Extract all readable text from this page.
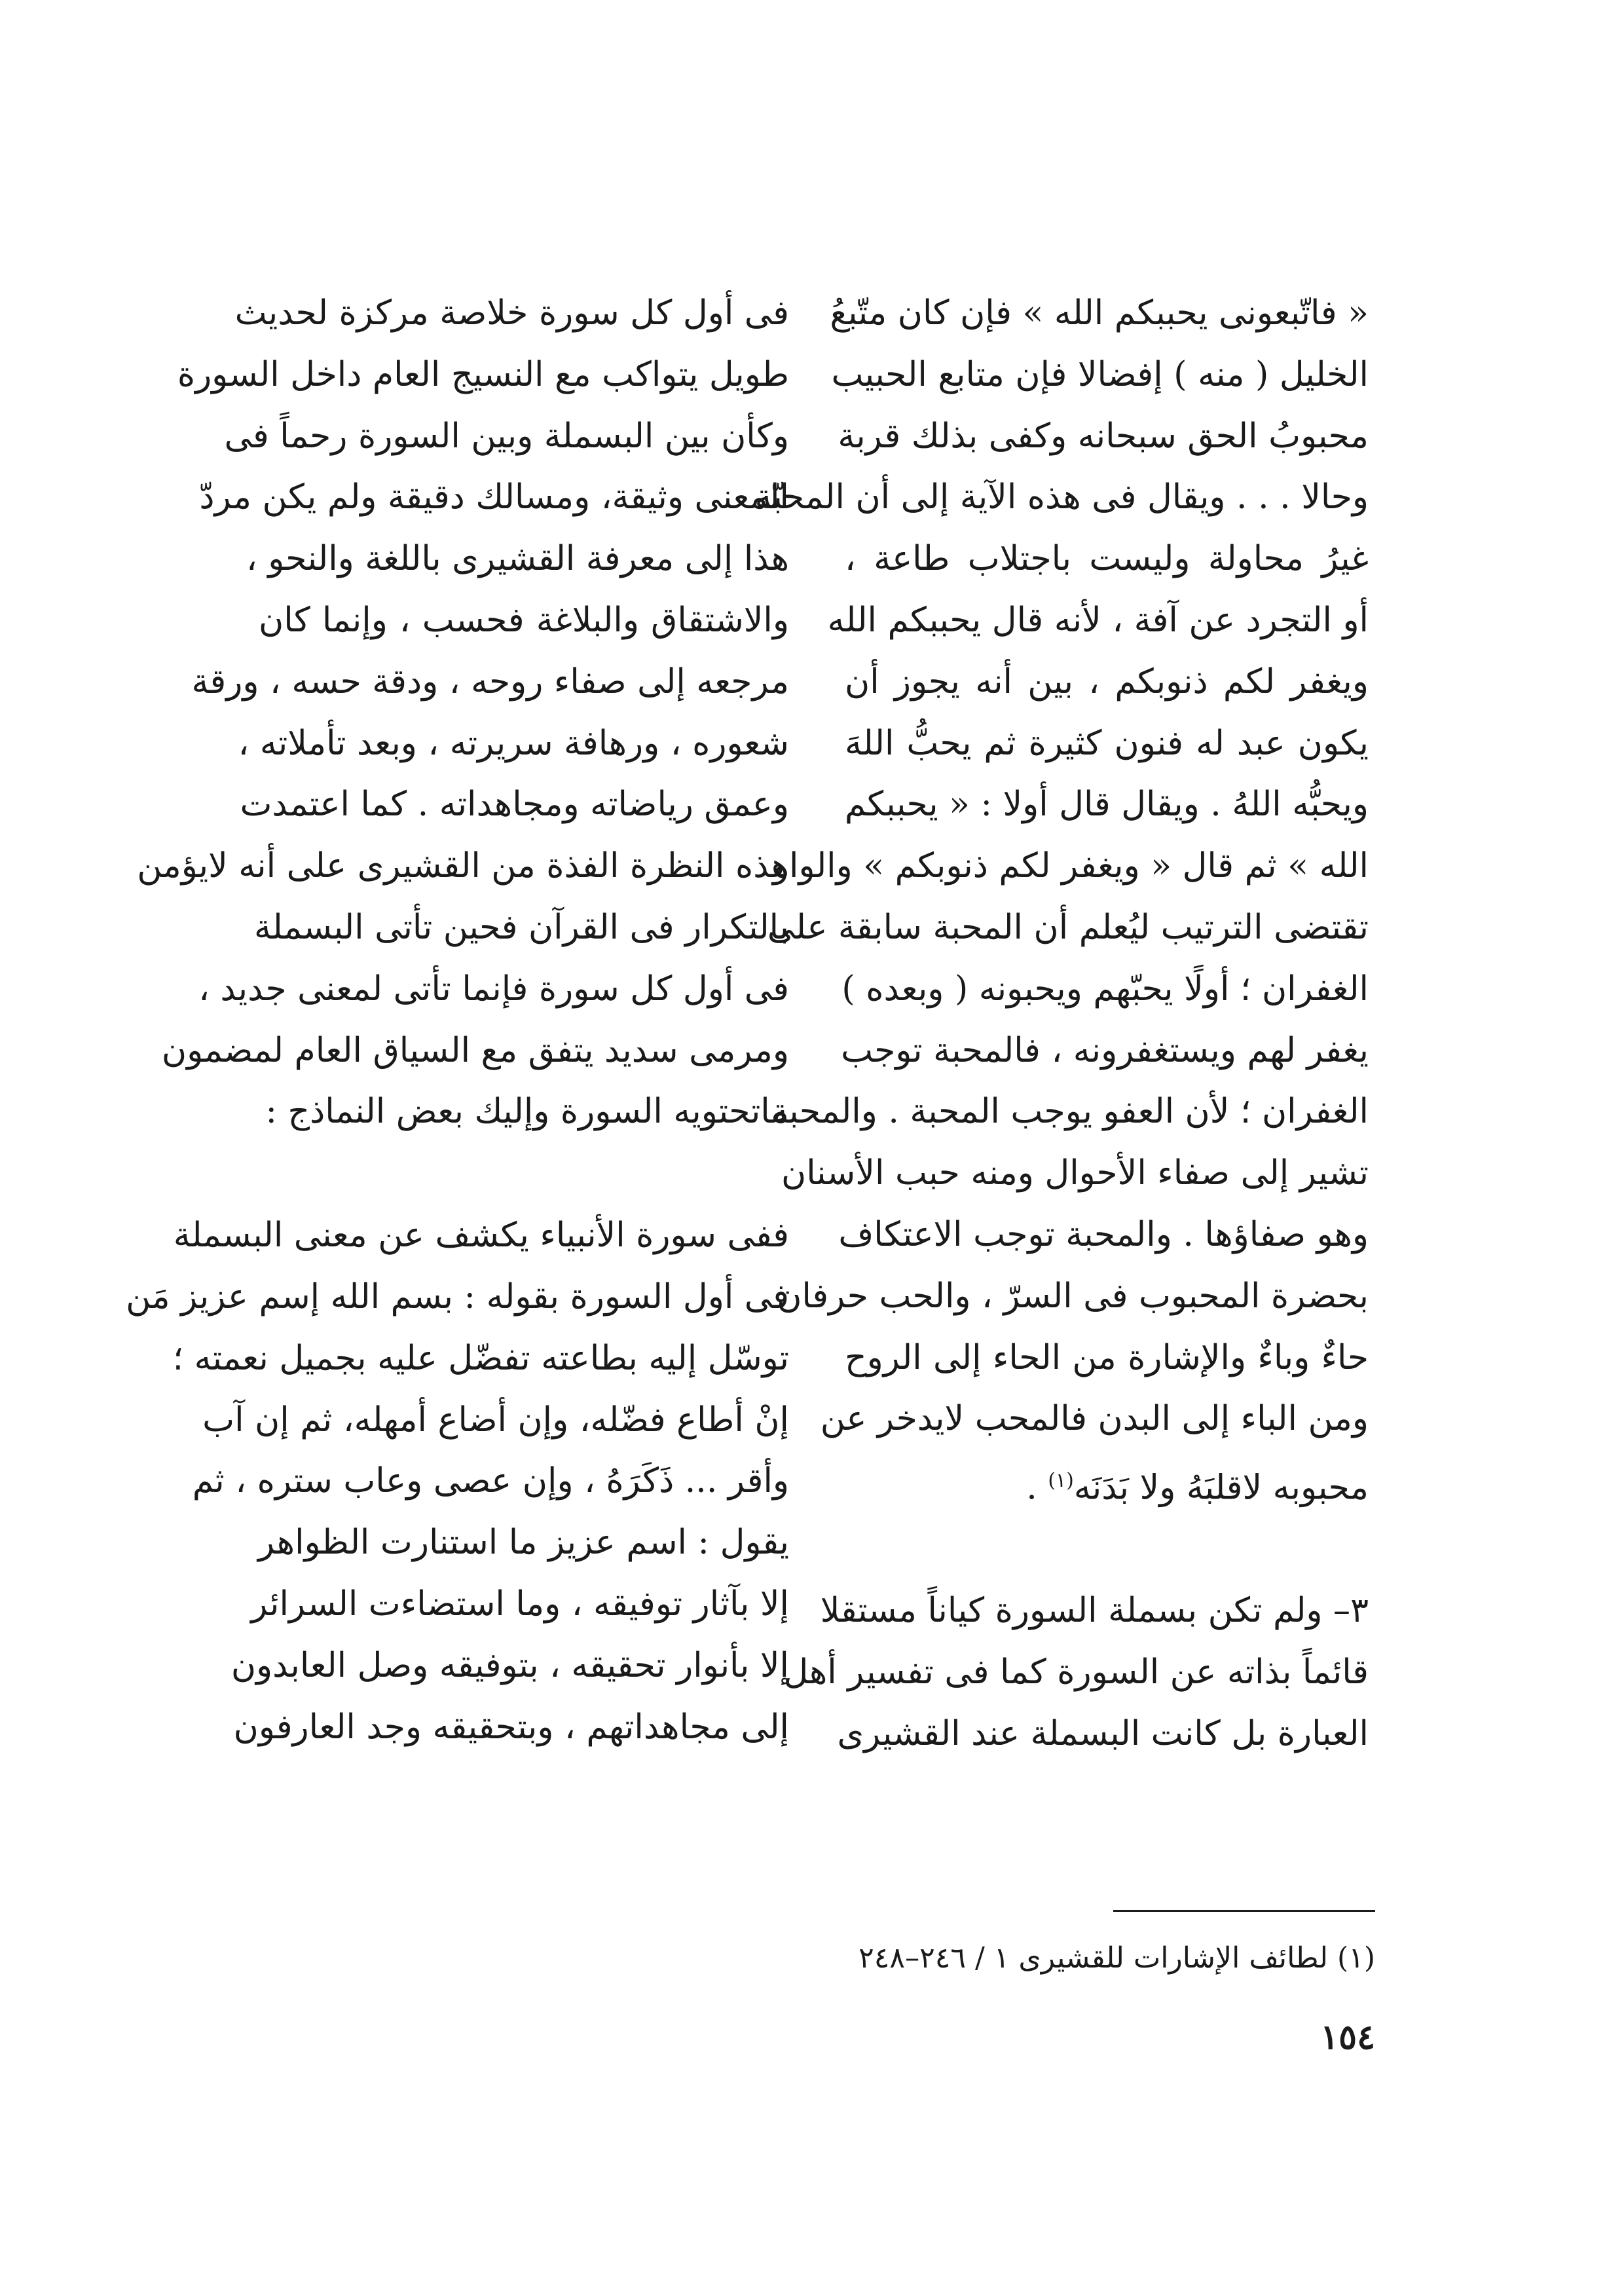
« فاتّبعونى يحببكم الله » فإن كان متّبعُ
الخليل ( منه ) إفضالا فإن متابع الحبيب
محبوبُ الحق سبحانه وكفى بذلك قربة
وحالا . . . ويقال فى هذه الآية إلى أن المحبّة
غيرُ محاولة وليست باجتلاب طاعة ،
أو التجرد عن آفة ، لأنه قال يحببكم الله
ويغفر لكم ذنوبكم ، بين أنه يجوز أن
يكون عبد له فنون كثيرة ثم يحبُّ اللهَ
ويحبُّه اللهُ . ويقال قال أولا : « يحببكم
الله » ثم قال « ويغفر لكم ذنوبكم » والواو
تقتضى الترتيب ليُعلم أن المحبة سابقة على
الغفران ؛ أولًا يحبّهم ويحبونه ( وبعده )
يغفر لهم ويستغفرونه ، فالمحبة توجب
الغفران ؛ لأن العفو يوجب المحبة . والمحبة
تشير إلى صفاء الأحوال ومنه حبب الأسنان
وهو صفاؤها . والمحبة توجب الاعتكاف
بحضرة المحبوب فى السرّ ، والحب حرفان
حاءٌ وباءٌ والإشارة من الحاء إلى الروح
ومن الباء إلى البدن فالمحب لايدخر عن
محبوبه لاقلبَهُ ولا بَدَنَه$^{(١)}$ .
٣– ولم تكن بسملة السورة كياناً مستقلا
قائماً بذاته عن السورة كما فى تفسير أهل
العبارة بل كانت البسملة عند القشيرى
فى أول كل سورة خلاصة مركزة لحديث
طويل يتواكب مع النسيج العام داخل السورة
وكأن بين البسملة وبين السورة رحماً فى
المعنى وثيقة، ومسالك دقيقة ولم يكن مردّ
هذا إلى معرفة القشيرى باللغة والنحو ،
والاشتقاق والبلاغة فحسب ، وإنما كان
مرجعه إلى صفاء روحه ، ودقة حسه ، ورقة
شعوره ، ورهافة سريرته ، وبعد تأملاته ،
وعمق رياضاته ومجاهداته . كما اعتمدت
هذه النظرة الفذة من القشيرى على أنه لايؤمن
بالتكرار فى القرآن فحين تأتى البسملة
فى أول كل سورة فإنما تأتى لمعنى جديد ،
ومرمى سديد يتفق مع السياق العام لمضمون
ماتحتويه السورة وإليك بعض النماذج :
ففى سورة الأنبياء يكشف عن معنى البسملة
فى أول السورة بقوله : بسم الله إسم عزيز مَن
توسّل إليه بطاعته تفضّل عليه بجميل نعمته ؛
إنْ أطاع فضّله، وإن أضاع أمهله، ثم إن آب
وأقر ... ذَكَرَهُ ، وإن عصى وعاب ستره ، ثم
يقول : اسم عزيز ما استنارت الظواهر
إلا بآثار توفيقه ، وما استضاءت السرائر
إلا بأنوار تحقيقه ، بتوفيقه وصل العابدون
إلى مجاهداتهم ، وبتحقيقه وجد العارفون
(١) لطائف الإشارات للقشيرى ١ / ٢٤٦–٢٤٨
١٥٤
